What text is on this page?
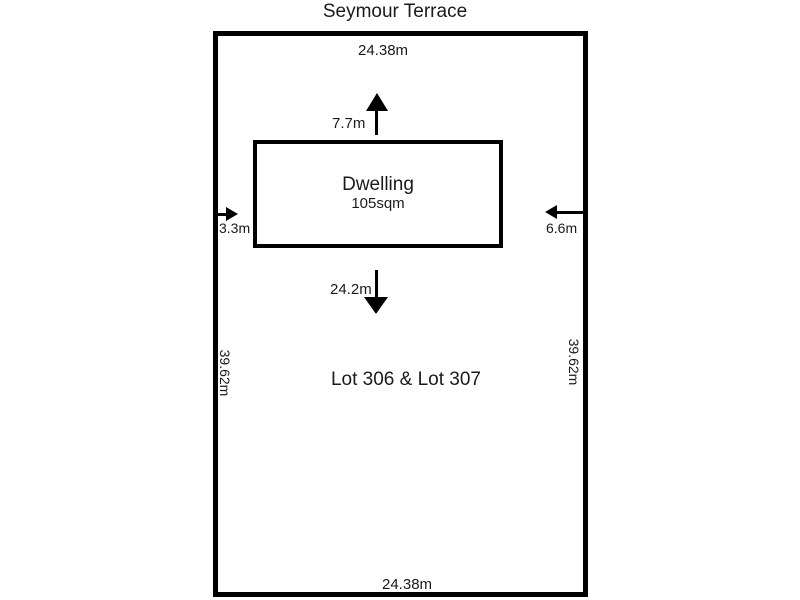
Seymour Terrace
24.38m
24.38m
39.62m	39.62m
Dwelling
105sqm
7.7m
24.2m
3.3m	6.6m
Lot 306 & Lot 307
